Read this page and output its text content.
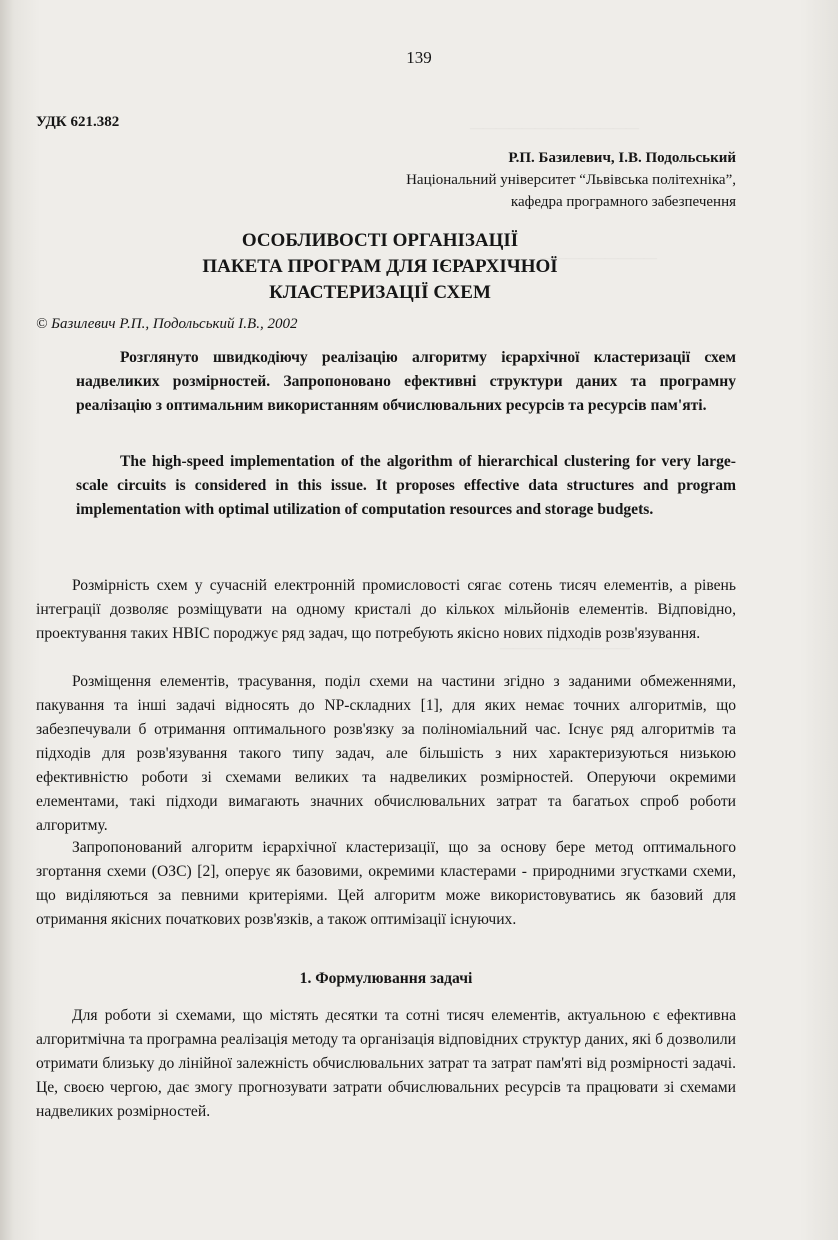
—————————————
—————————
——————————
139
УДК 621.382
Р.П. Базилевич, І.В. Подольський
Національний університет “Львівська політехніка”,
кафедра програмного забезпечення
ОСОБЛИВОСТІ ОРГАНІЗАЦІЇ
ПАКЕТА ПРОГРАМ ДЛЯ ІЄРАРХІЧНОЇ
КЛАСТЕРИЗАЦІЇ СХЕМ
© Базилевич Р.П., Подольський І.В., 2002

Розглянуто швидкодіючу реалізацію алгоритму ієрархічної кластеризації схем надвеликих розмірностей. Запропоновано ефективні структури даних та програмну реалізацію з оптимальним використанням обчислювальних ресурсів та ресурсів пам'яті.

The high-speed implementation of the algorithm of hierarchical clustering for very large-scale circuits is considered in this issue. It proposes effective data structures and program implementation with optimal utilization of computation resources and storage budgets.

Розмірність схем у сучасній електронній промисловості сягає сотень тисяч елементів, а рівень інтеграції дозволяє розміщувати на одному кристалі до кількох мільйонів елементів. Відповідно, проектування таких НВІС породжує ряд задач, що потребують якісно нових підходів розв'язування.

Розміщення елементів, трасування, поділ схеми на частини згідно з заданими обмеженнями, пакування та інші задачі відносять до NP-складних [1], для яких немає точних алгоритмів, що забезпечували б отримання оптимального розв'язку за поліноміальний час. Існує ряд алгоритмів та підходів для розв'язування такого типу задач, але більшість з них характеризуються низькою ефективністю роботи зі схемами великих та надвеликих розмірностей. Оперуючи окремими елементами, такі підходи вимагають значних обчислювальних затрат та багатьох спроб роботи алгоритму.

Запропонований алгоритм ієрархічної кластеризації, що за основу бере метод оптимального згортання схеми (ОЗС) [2], оперує як базовими, окремими кластерами - природними згустками схеми, що виділяються за певними критеріями. Цей алгоритм може використовуватись як базовий для отримання якісних початкових розв'язків, а також оптимізації існуючих.

1. Формулювання задачі

Для роботи зі схемами, що містять десятки та сотні тисяч елементів, актуальною є ефективна алгоритмічна та програмна реалізація методу та організація відповідних структур даних, які б дозволили отримати близьку до лінійної залежність обчислювальних затрат та затрат пам'яті від розмірності задачі. Це, своєю чергою, дає змогу прогнозувати затрати обчислювальних ресурсів та працювати зі схемами надвеликих розмірностей.
